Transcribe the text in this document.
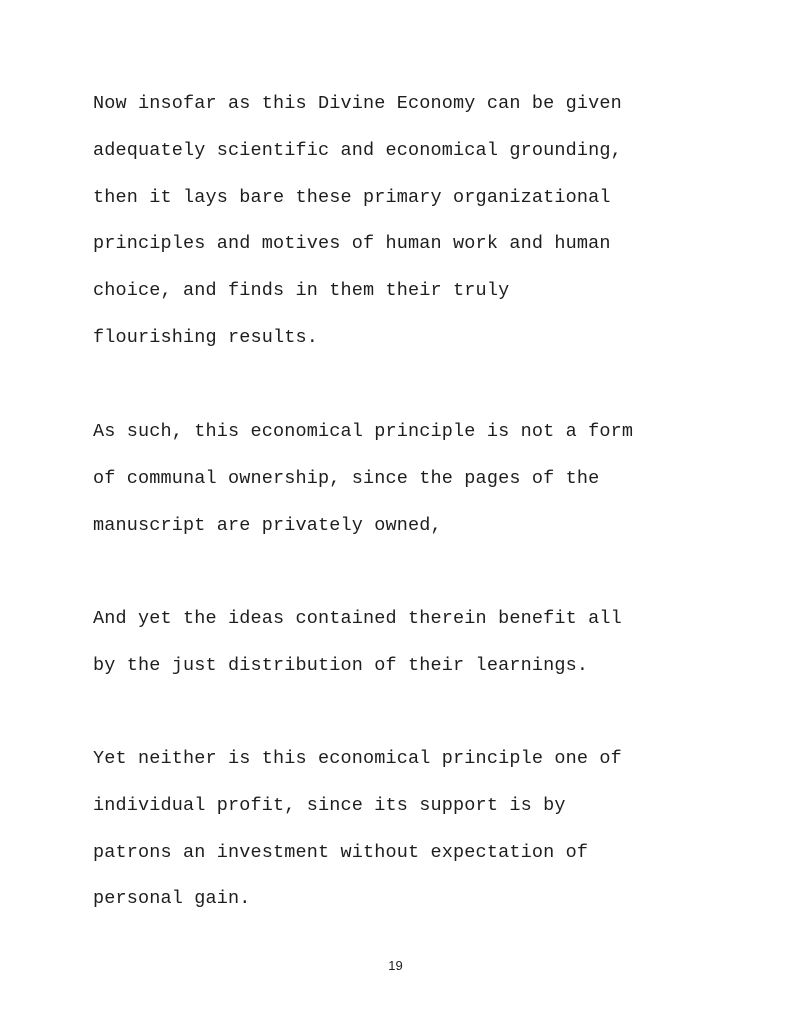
Now insofar as this Divine Economy can be given
adequately scientific and economical grounding,
then it lays bare these primary organizational
principles and motives of human work and human
choice, and finds in them their truly
flourishing results.

As such, this economical principle is not a form
of communal ownership, since the pages of the
manuscript are privately owned,

And yet the ideas contained therein benefit all
by the just distribution of their learnings.

Yet neither is this economical principle one of
individual profit, since its support is by
patrons an investment without expectation of
personal gain.

19
